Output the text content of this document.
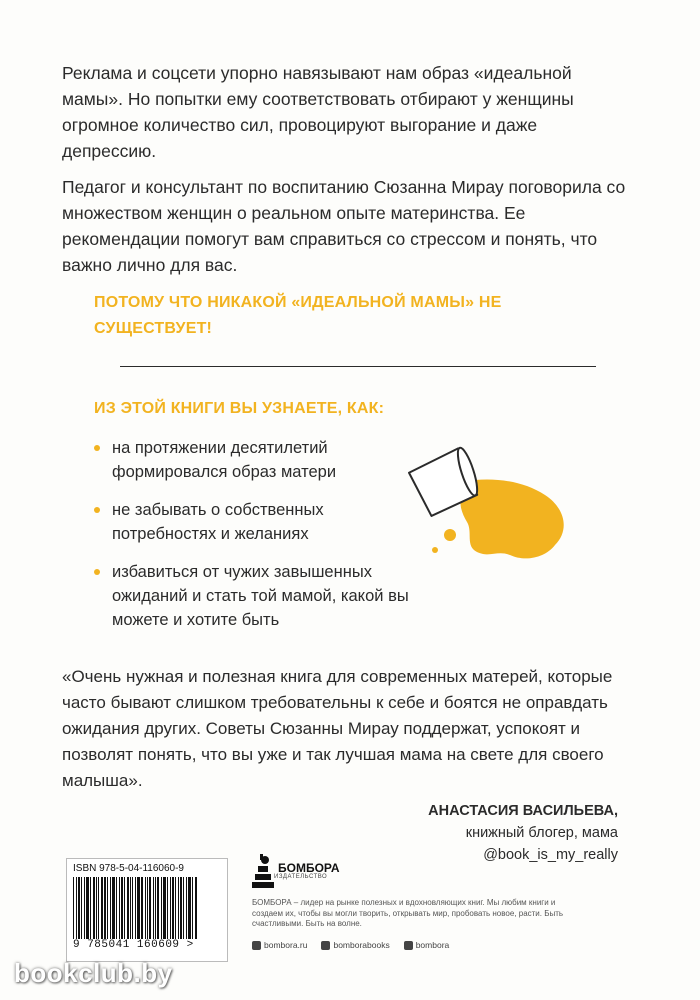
Реклама и соцсети упорно навязывают нам образ «идеальной мамы». Но попытки ему соответствовать отбирают у женщины огромное количество сил, провоцируют выгорание и даже депрессию.

Педагог и консультант по воспитанию Сюзанна Мирау поговорила со множеством женщин о реальном опыте материнства. Ее рекомендации помогут вам справиться со стрессом и понять, что важно лично для вас.

ПОТОМУ ЧТО НИКАКОЙ «ИДЕАЛЬНОЙ МАМЫ» НЕ СУЩЕСТВУЕТ!
ИЗ ЭТОЙ КНИГИ ВЫ УЗНАЕТЕ, КАК:
на протяжении десятилетий формировался образ матери
не забывать о собственных потребностях и желаниях
избавиться от чужих завышенных ожиданий и стать той мамой, какой вы можете и хотите быть

«Очень нужная и полезная книга для современных матерей, которые часто бывают слишком требовательны к себе и боятся не оправдать ожидания других. Советы Сюзанны Мирау поддержат, успокоят и позволят понять, что вы уже и так лучшая мама на свете для своего малыша».

АНАСТАСИЯ ВАСИЛЬЕВА,
книжный блогер, мама
@book_is_my_really
ISBN 978-5-04-116060-9
9 785041 160609 >
БОМБОРА
ИЗДАТЕЛЬСТВО

БОМБОРА – лидер на рынке полезных и вдохновляющих книг. Мы любим книги и создаем их, чтобы вы могли творить, открывать мир, пробовать новое, расти. Быть счастливыми. Быть на волне.

bombora.ru	bomborabooks	bombora
bookclub.by
